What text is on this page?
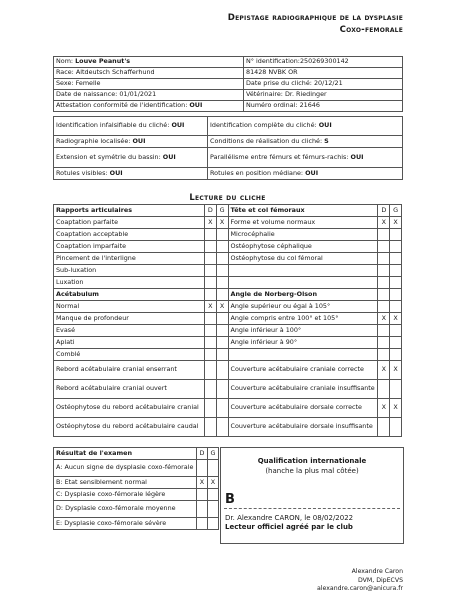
Depistage radiographique de la dysplasie
Coxo-femorale
Nom: Louve Peanut's	N° identification:250269300142
Race: Altdeutsch Schafferhund	81428 NVBK OR
Sexe: Femelle	Date prise du cliché: 20/12/21
Date de naissance: 01/01/2021	Vétérinaire: Dr. Riedinger
Attestation conformité de l'identification: OUI	Numéro ordinal: 21646
Identification infalsifiable du cliché: OUI	Identification complète du cliché: OUI
Radiographie localisée: OUI	Conditions de réalisation du cliché: S
Extension et symétrie du bassin: OUI	Parallélisme entre fémurs et fémurs-rachis: OUI
Rotules visibles: OUI	Rotules en position médiane: OUI
Lecture du cliche
Rapports articulaires	D	G	Tête et col fémoraux	D	G
Coaptation parfaite	X	X	Forme et volume normaux	X	X
Coaptation acceptable			Microcéphalie		
Coaptation imparfaite			Ostéophytose céphalique		
Pincement de l'interligne			Ostéophytose du col fémoral		
Sub-luxation					
Luxation					
Acétabulum			Angle de Norberg-Olson		
Normal	X	X	Angle supérieur ou égal à 105°		
Manque de profondeur			Angle compris entre 100° et 105°	X	X
Evasé			Angle inférieur à 100°		
Aplati			Angle inférieur à 90°		
Comblé					
Rebord acétabulaire cranial enserrant			Couverture acétabulaire craniale correcte	X	X
Rebord acétabulaire cranial ouvert			Couverture acétabulaire craniale insuffisante		
Ostéophytose du rebord acétabulaire cranial			Couverture acétabulaire dorsale correcte	X	X
Ostéophytose du rebord acétabulaire caudal			Couverture acétabulaire dorsale insuffisante		
Résultat de l'examen	D	G
A: Aucun signe de dysplasie coxo-fémorale		
B: Etat sensiblement normal	X	X
C: Dysplasie coxo-fémorale légère		
D: Dysplasie coxo-fémorale moyenne		
E: Dysplasie coxo-fémorale sévère		
Qualification internationale
(hanche la plus mal côtée)
B
Dr. Alexandre CARON, le 08/02/2022
Lecteur officiel agréé par le club
Alexandre Caron
DVM, DipECVS
alexandre.caron@anicura.fr
